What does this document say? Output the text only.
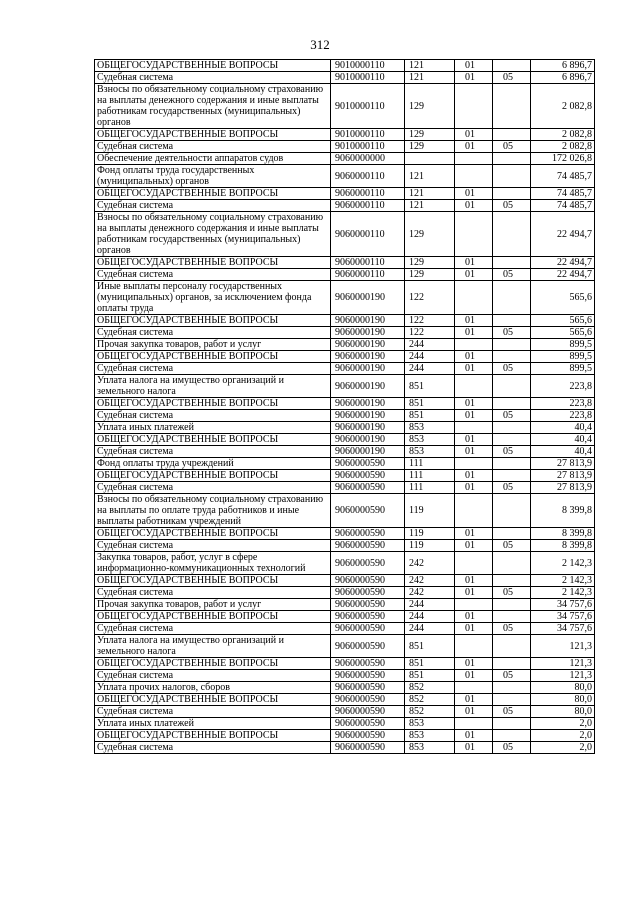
312
ОБЩЕГОСУДАРСТВЕННЫЕ ВОПРОСЫ	9010000110	121	01		6 896,7
Судебная система	9010000110	121	01	05	6 896,7
Взносы по обязательному социальному страхованию на выплаты денежного содержания и иные выплаты работникам государственных (муниципальных) органов	9010000110	129			2 082,8
ОБЩЕГОСУДАРСТВЕННЫЕ ВОПРОСЫ	9010000110	129	01		2 082,8
Судебная система	9010000110	129	01	05	2 082,8
Обеспечение деятельности аппаратов судов	9060000000				172 026,8
Фонд оплаты труда государственных (муниципальных) органов	9060000110	121			74 485,7
ОБЩЕГОСУДАРСТВЕННЫЕ ВОПРОСЫ	9060000110	121	01		74 485,7
Судебная система	9060000110	121	01	05	74 485,7
Взносы по обязательному социальному страхованию на выплаты денежного содержания и иные выплаты работникам государственных (муниципальных) органов	9060000110	129			22 494,7
ОБЩЕГОСУДАРСТВЕННЫЕ ВОПРОСЫ	9060000110	129	01		22 494,7
Судебная система	9060000110	129	01	05	22 494,7
Иные выплаты персоналу государственных (муниципальных) органов, за исключением фонда оплаты труда	9060000190	122			565,6
ОБЩЕГОСУДАРСТВЕННЫЕ ВОПРОСЫ	9060000190	122	01		565,6
Судебная система	9060000190	122	01	05	565,6
Прочая закупка товаров, работ и услуг	9060000190	244			899,5
ОБЩЕГОСУДАРСТВЕННЫЕ ВОПРОСЫ	9060000190	244	01		899,5
Судебная система	9060000190	244	01	05	899,5
Уплата налога на имущество организаций и земельного налога	9060000190	851			223,8
ОБЩЕГОСУДАРСТВЕННЫЕ ВОПРОСЫ	9060000190	851	01		223,8
Судебная система	9060000190	851	01	05	223,8
Уплата иных платежей	9060000190	853			40,4
ОБЩЕГОСУДАРСТВЕННЫЕ ВОПРОСЫ	9060000190	853	01		40,4
Судебная система	9060000190	853	01	05	40,4
Фонд оплаты труда учреждений	9060000590	111			27 813,9
ОБЩЕГОСУДАРСТВЕННЫЕ ВОПРОСЫ	9060000590	111	01		27 813,9
Судебная система	9060000590	111	01	05	27 813,9
Взносы по обязательному социальному страхованию на выплаты по оплате труда работников и иные выплаты работникам учреждений	9060000590	119			8 399,8
ОБЩЕГОСУДАРСТВЕННЫЕ ВОПРОСЫ	9060000590	119	01		8 399,8
Судебная система	9060000590	119	01	05	8 399,8
Закупка товаров, работ, услуг в сфере информационно-коммуникационных технологий	9060000590	242			2 142,3
ОБЩЕГОСУДАРСТВЕННЫЕ ВОПРОСЫ	9060000590	242	01		2 142,3
Судебная система	9060000590	242	01	05	2 142,3
Прочая закупка товаров, работ и услуг	9060000590	244			34 757,6
ОБЩЕГОСУДАРСТВЕННЫЕ ВОПРОСЫ	9060000590	244	01		34 757,6
Судебная система	9060000590	244	01	05	34 757,6
Уплата налога на имущество организаций и земельного налога	9060000590	851			121,3
ОБЩЕГОСУДАРСТВЕННЫЕ ВОПРОСЫ	9060000590	851	01		121,3
Судебная система	9060000590	851	01	05	121,3
Уплата прочих налогов, сборов	9060000590	852			80,0
ОБЩЕГОСУДАРСТВЕННЫЕ ВОПРОСЫ	9060000590	852	01		80,0
Судебная система	9060000590	852	01	05	80,0
Уплата иных платежей	9060000590	853			2,0
ОБЩЕГОСУДАРСТВЕННЫЕ ВОПРОСЫ	9060000590	853	01		2,0
Судебная система	9060000590	853	01	05	2,0
